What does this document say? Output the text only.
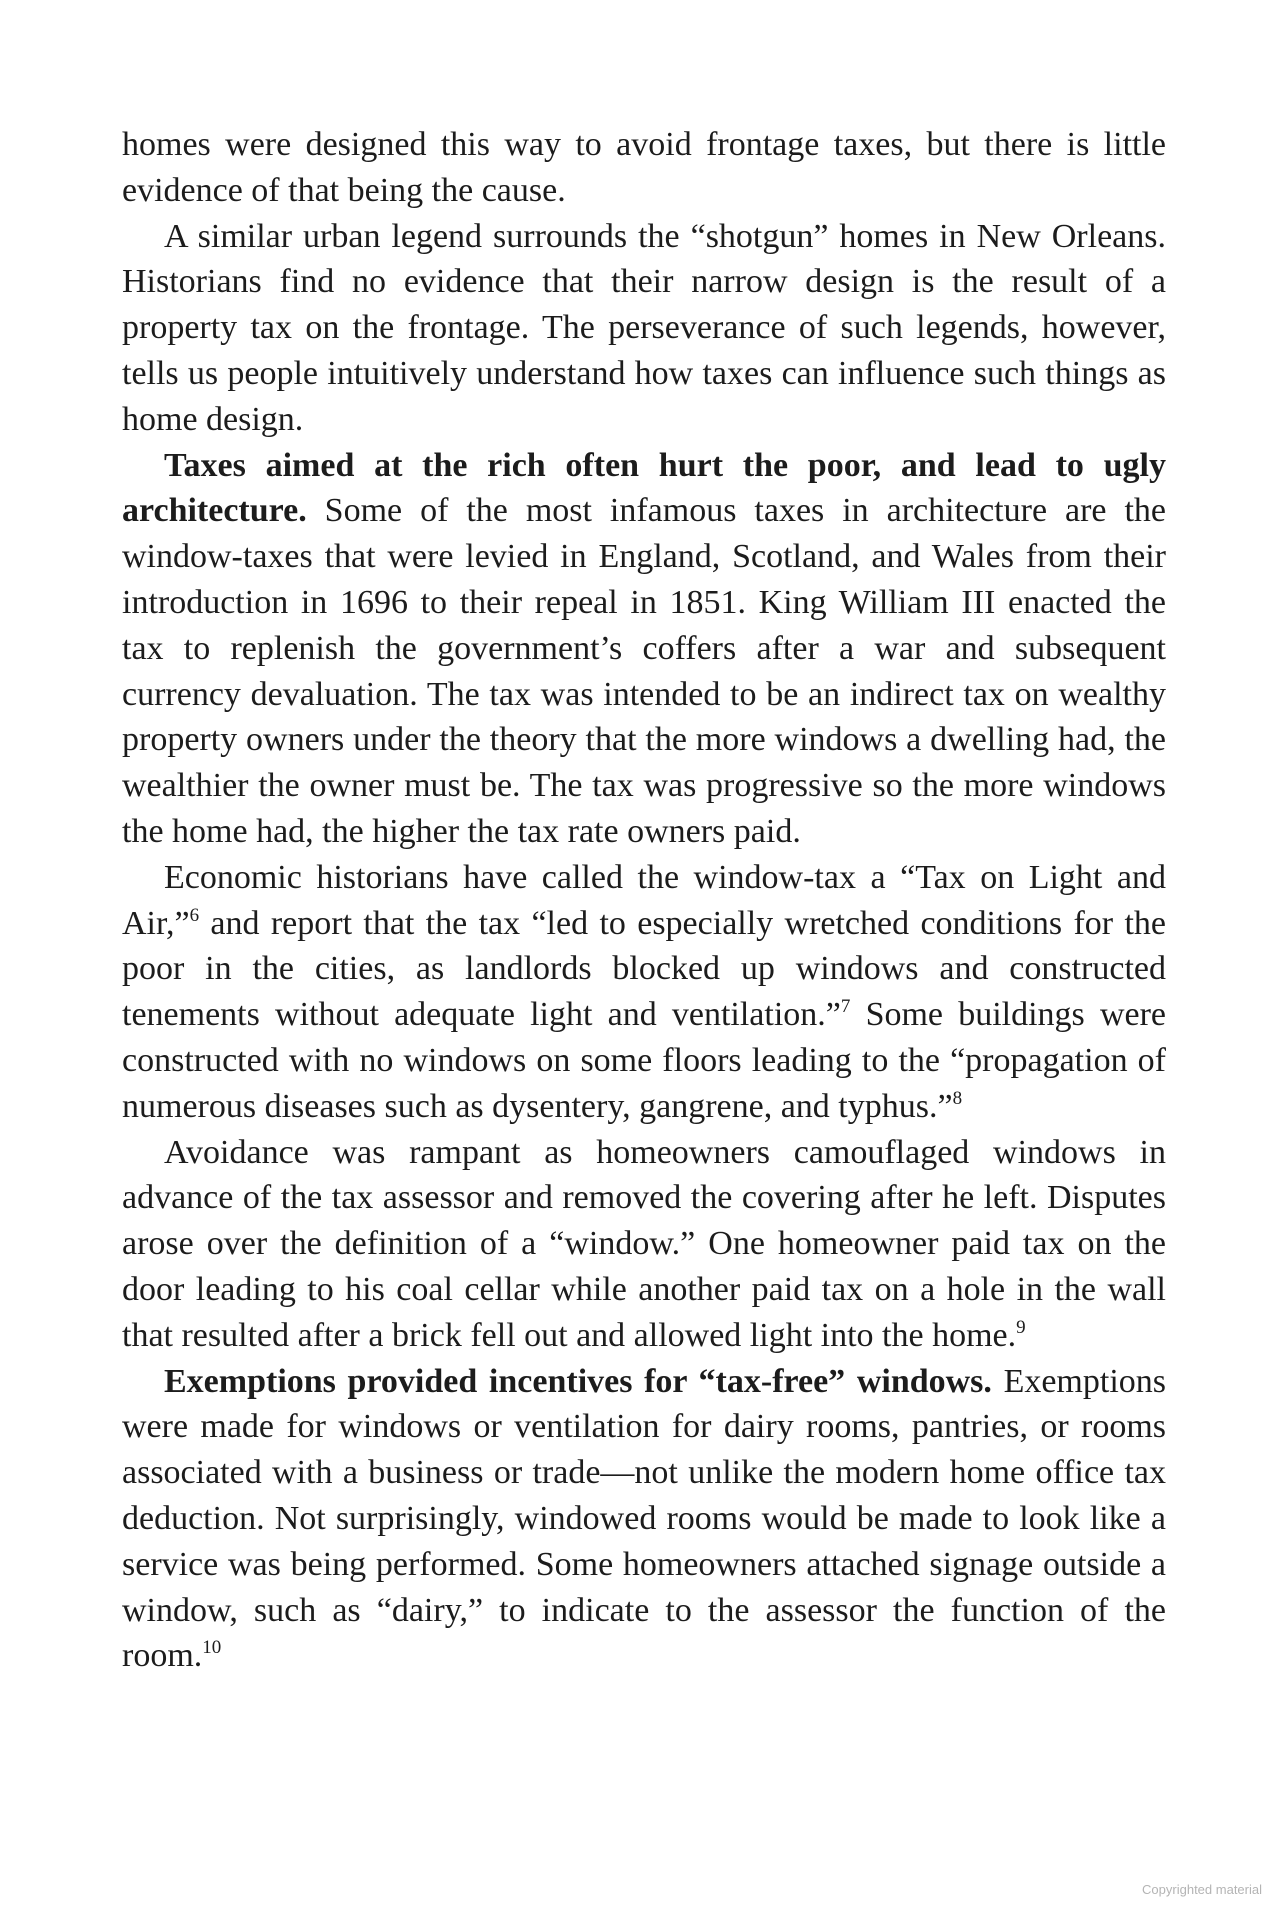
homes were designed this way to avoid frontage taxes, but there is little evidence of that being the cause.

A similar urban legend surrounds the “shotgun” homes in New Orleans. Historians find no evidence that their narrow design is the result of a property tax on the frontage. The perseverance of such legends, however, tells us people intuitively understand how taxes can influence such things as home design.

Taxes aimed at the rich often hurt the poor, and lead to ugly architecture. Some of the most infamous taxes in architecture are the window-taxes that were levied in England, Scotland, and Wales from their introduction in 1696 to their repeal in 1851. King William III enacted the tax to replenish the government’s coffers after a war and subsequent currency devaluation. The tax was intended to be an indirect tax on wealthy property owners under the theory that the more windows a dwelling had, the wealthier the owner must be. The tax was progressive so the more windows the home had, the higher the tax rate owners paid.

Economic historians have called the window-tax a “Tax on Light and Air,”$^6$ and report that the tax “led to especially wretched conditions for the poor in the cities, as landlords blocked up windows and constructed tenements without adequate light and ventilation.”$^7$ Some buildings were constructed with no windows on some floors leading to the “propagation of numerous diseases such as dysentery, gangrene, and typhus.”$^8$

Avoidance was rampant as homeowners camouflaged windows in advance of the tax assessor and removed the covering after he left. Disputes arose over the definition of a “window.” One homeowner paid tax on the door leading to his coal cellar while another paid tax on a hole in the wall that resulted after a brick fell out and allowed light into the home.$^9$

Exemptions provided incentives for “tax-free” windows. Exemptions were made for windows or ventilation for dairy rooms, pantries, or rooms associated with a business or trade—not unlike the modern home office tax deduction. Not surprisingly, windowed rooms would be made to look like a service was being performed. Some homeowners attached signage outside a window, such as “dairy,” to indicate to the assessor the function of the room.$^{10}$

Copyrighted material
